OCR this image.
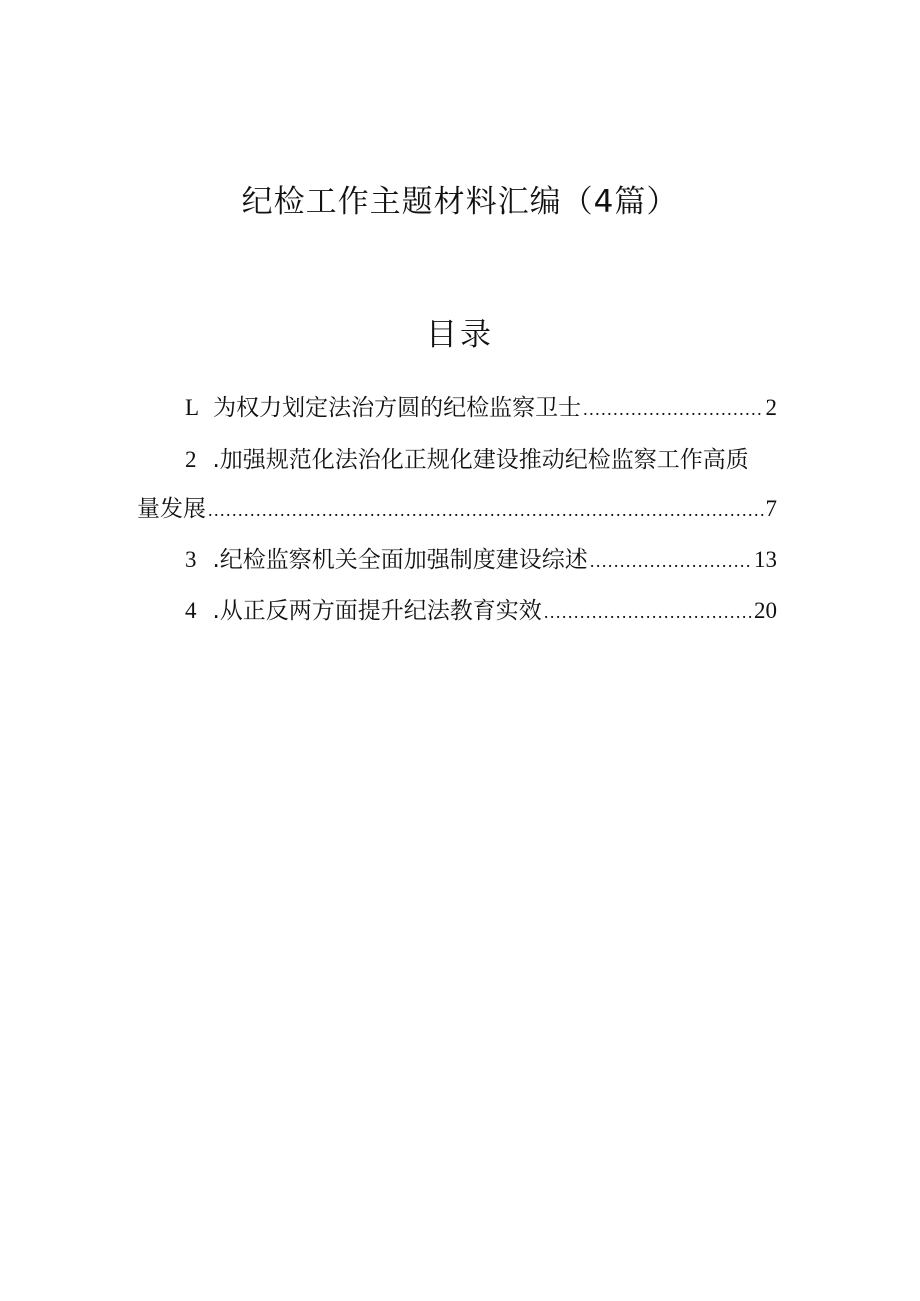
纪检工作主题材料汇编（4篇）
目录
L 为权力划定法治方圆的纪检监察卫士 .....	2
2 .加强规范化法治化正规化建设推动纪检监察工作高质
量发展 .....	7
3 .纪检监察机关全面加强制度建设综述 .....	13
4 .从正反两方面提升纪法教育实效 .....	20
